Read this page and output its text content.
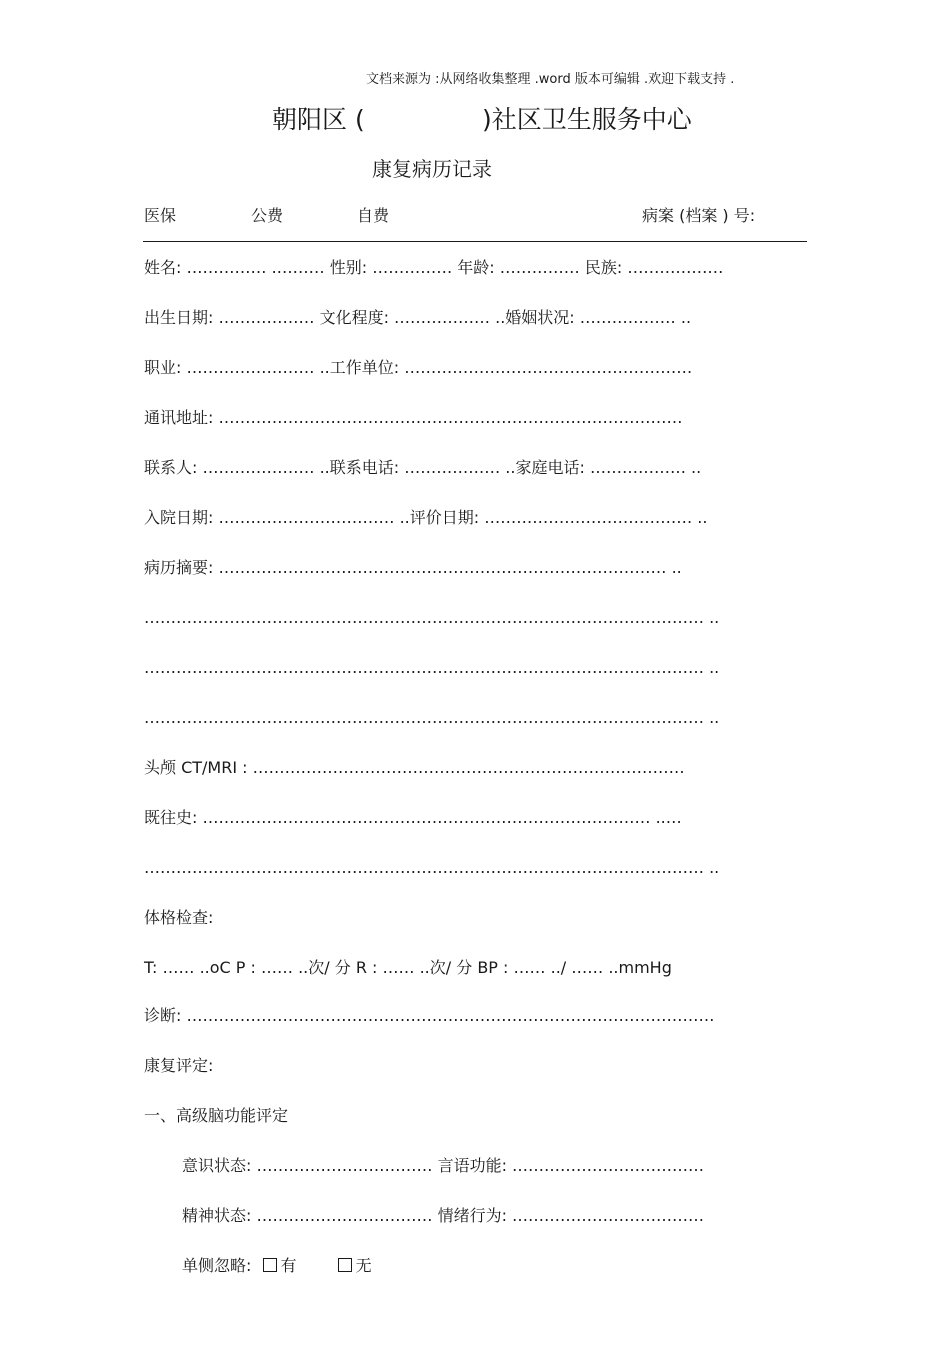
文档来源为 :从网络收集整理 .word 版本可编辑 .欢迎下载支持 .
朝阳区 (	)社区卫生服务中心
康复病历记录
医保	公费	自费	病案 (档案 ) 号:
姓名: …………… .……… 性别: …………… 年龄: …………… 民族: ………………
出生日期: ……………… 文化程度: ……………… ..婚姻状况: ……………… ..
职业: …………………… ..工作单位: ………………………………………………
通讯地址: ……………………………………………………………………………
联系人: ………………… ..联系电话: ……………… ..家庭电话: ……………… ..
入院日期: …………………………… ..评价日期: ………………………………… ..
病历摘要: ………………………………………………………………………… ..
…………………………………………………………………………………………… ..
…………………………………………………………………………………………… ..
…………………………………………………………………………………………… ..
头颅 CT/MRI : ………………………………………………………………………
既往史: ………………………………………………………………………… ..…
…………………………………………………………………………………………… ..
体格检查:
T: …… ..oC P : …… ..次/ 分 R : …… ..次/ 分 BP : …… ../ …… ..mmHg
诊断: ………………………………………………………………………………………
康复评定:
一、高级脑功能评定
意识状态: …………………………… 言语功能: ………………………………
精神状态: …………………………… 情绪行为: ………………………………
单侧忽略: 有	无
